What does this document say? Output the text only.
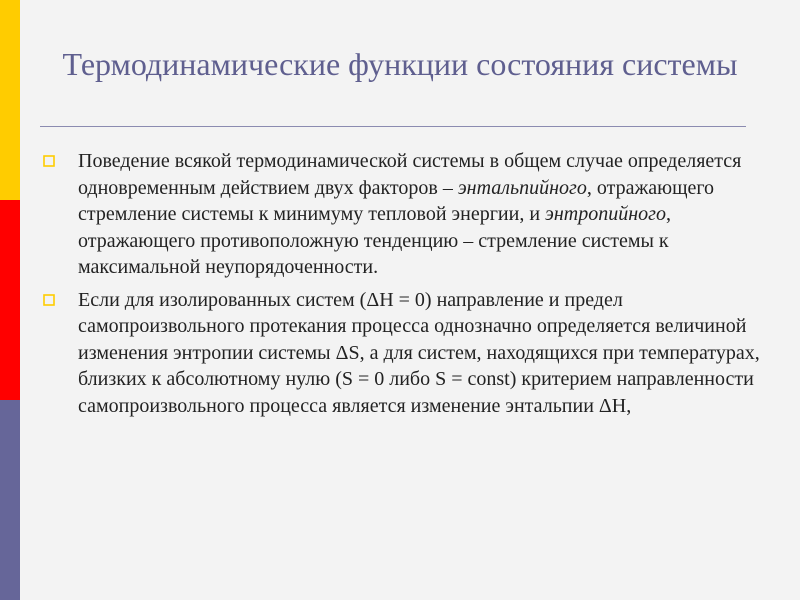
Термодинамические функции состояния системы
Поведение всякой термодинамической системы в общем случае определяется одновременным действием двух факторов – энтальпийного, отражающего стремление системы к минимуму тепловой энергии, и энтропийного, отражающего противоположную тенденцию – стремление системы к максимальной неупорядоченности.
Если для изолированных систем (ΔН = 0) направление и предел самопроизвольного протекания процесса однозначно определяется величиной изменения энтропии системы ΔS, а для систем, находящихся при температурах, близких к абсолютному нулю (S = 0 либо S = const) критерием направленности самопроизвольного процесса является изменение энтальпии ΔН,
